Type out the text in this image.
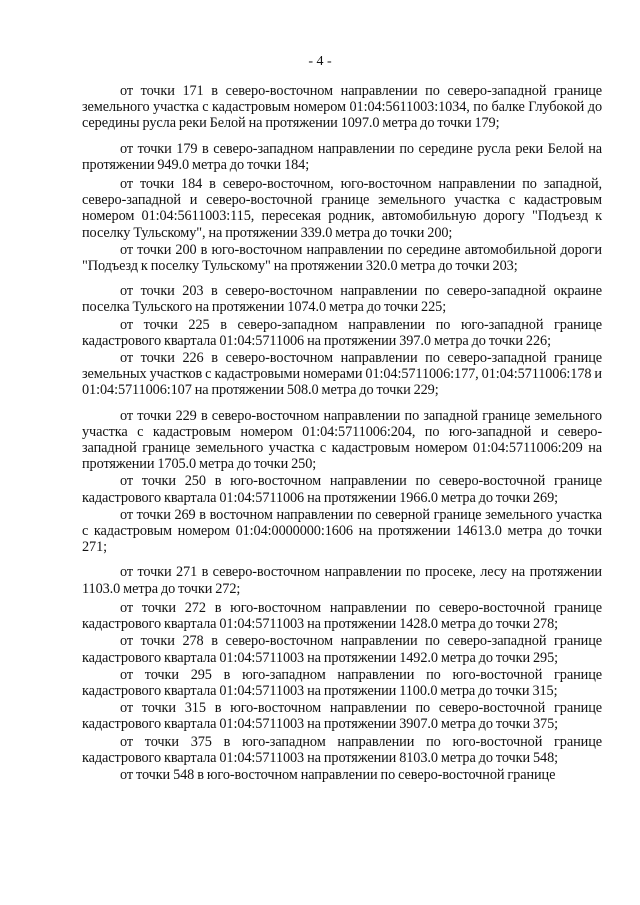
- 4 -

от точки 171 в северо-восточном направлении по северо-западной границе земельного участка с кадастровым номером 01:04:5611003:1034, по балке Глубокой до середины русла реки Белой на протяжении 1097.0 метра до точки 179;

от точки 179 в северо-западном направлении по середине русла реки Белой на протяжении 949.0 метра до точки 184;

от точки 184 в северо-восточном, юго-восточном направлении по западной, северо-западной и северо-восточной границе земельного участка с кадастровым номером 01:04:5611003:115, пересекая родник, автомобильную дорогу "Подъезд к поселку Тульскому", на протяжении 339.0 метра до точки 200;

от точки 200 в юго-восточном направлении по середине автомобильной дороги "Подъезд к поселку Тульскому" на протяжении 320.0 метра до точки 203;

от точки 203 в северо-восточном направлении по северо-западной окраине поселка Тульского на протяжении 1074.0 метра до точки 225;

от точки 225 в северо-западном направлении по юго-западной границе кадастрового квартала 01:04:5711006 на протяжении 397.0 метра до точки 226;

от точки 226 в северо-восточном направлении по северо-западной границе земельных участков с кадастровыми номерами 01:04:5711006:177, 01:04:5711006:178 и 01:04:5711006:107 на протяжении 508.0 метра до точки 229;

от точки 229 в северо-восточном направлении по западной границе земельного участка с кадастровым номером 01:04:5711006:204, по юго-западной и северо-западной границе земельного участка с кадастровым номером 01:04:5711006:209 на протяжении 1705.0 метра до точки 250;

от точки 250 в юго-восточном направлении по северо-восточной границе кадастрового квартала 01:04:5711006 на протяжении 1966.0 метра до точки 269;

от точки 269 в восточном направлении по северной границе земельного участка с кадастровым номером 01:04:0000000:1606 на протяжении 14613.0 метра до точки 271;

от точки 271 в северо-восточном направлении по просеке, лесу на протяжении 1103.0 метра до точки 272;

от точки 272 в юго-восточном направлении по северо-восточной границе кадастрового квартала 01:04:5711003 на протяжении 1428.0 метра до точки 278;

от точки 278 в северо-восточном направлении по северо-западной границе кадастрового квартала 01:04:5711003 на протяжении 1492.0 метра до точки 295;

от точки 295 в юго-западном направлении по юго-восточной границе кадастрового квартала 01:04:5711003 на протяжении 1100.0 метра до точки 315;

от точки 315 в юго-восточном направлении по северо-восточной границе кадастрового квартала 01:04:5711003 на протяжении 3907.0 метра до точки 375;

от точки 375 в юго-западном направлении по юго-восточной границе кадастрового квартала 01:04:5711003 на протяжении 8103.0 метра до точки 548;

от точки 548 в юго-восточном направлении по северо-восточной границе
